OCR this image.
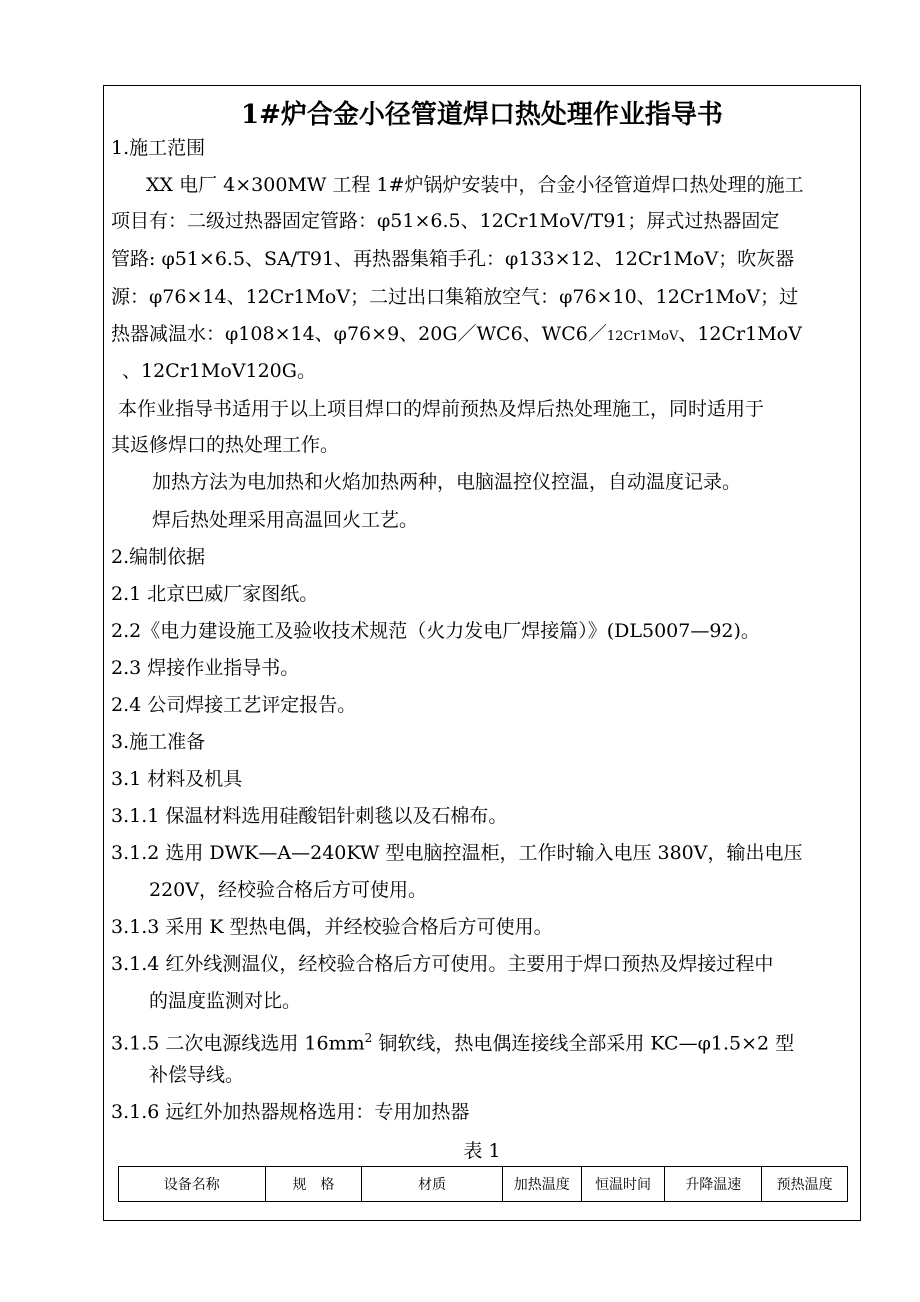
1#炉合金小径管道焊口热处理作业指导书
1.施工范围
XX 电厂 4×300MW 工程 1#炉锅炉安装中，合金小径管道焊口热处理的施工
项目有：二级过热器固定管路：φ51×6.5、12Cr1MoV/T91；屏式过热器固定
管路: φ51×6.5、SA/T91、再热器集箱手孔：φ133×12、12Cr1MoV；吹灰器
源：φ76×14、12Cr1MoV；二过出口集箱放空气：φ76×10、12Cr1MoV；过
热器减温水：φ108×14、φ76×9、20G／WC6、WC6／12Cr1MoV、12Cr1MoV
、12Cr1MoV120G。
本作业指导书适用于以上项目焊口的焊前预热及焊后热处理施工，同时适用于
其返修焊口的热处理工作。
加热方法为电加热和火焰加热两种，电脑温控仪控温，自动温度记录。
焊后热处理采用高温回火工艺。
2.编制依据
2.1 北京巴威厂家图纸。
2.2《电力建设施工及验收技术规范（火力发电厂焊接篇）》(DL5007—92)。
2.3 焊接作业指导书。
2.4 公司焊接工艺评定报告。
3.施工准备
3.1 材料及机具
3.1.1 保温材料选用硅酸铝针刺毯以及石棉布。
3.1.2 选用 DWK—A—240KW 型电脑控温柜，工作时输入电压 380V，输出电压
220V，经校验合格后方可使用。
3.1.3 采用 K 型热电偶，并经校验合格后方可使用。
3.1.4 红外线测温仪，经校验合格后方可使用。主要用于焊口预热及焊接过程中
的温度监测对比。
3.1.5 二次电源线选用 $16mm^2$ 铜软线，热电偶连接线全部采用 KC—φ1.5×2 型
补偿导线。
3.1.6 远红外加热器规格选用：专用加热器
表 1
设备名称	规　格	材质	加热温度	恒温时间	升降温速	预热温度
